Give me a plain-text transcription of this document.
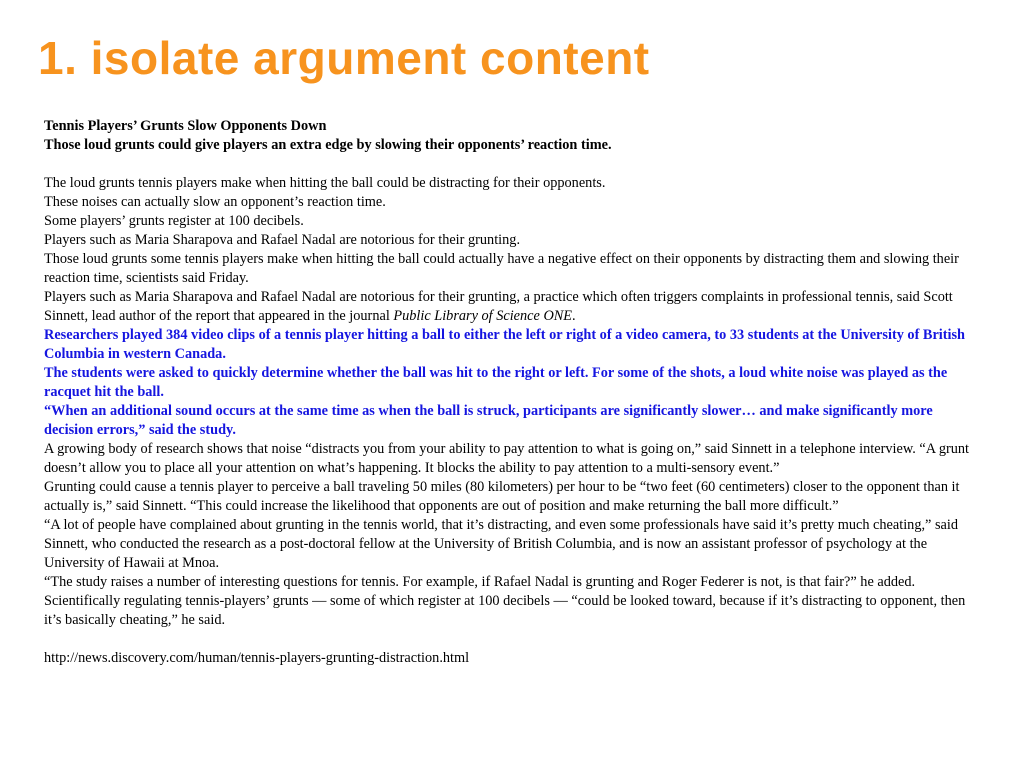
1. isolate argument content

Tennis Players’ Grunts Slow Opponents Down

Those loud grunts could give players an extra edge by slowing their opponents’ reaction time.

The loud grunts tennis players make when hitting the ball could be distracting for their opponents.

These noises can actually slow an opponent’s reaction time.

Some players’ grunts register at 100 decibels.

Players such as Maria Sharapova and Rafael Nadal are notorious for their grunting.

Those loud grunts some tennis players make when hitting the ball could actually have a negative effect on their opponents by distracting them and slowing their reaction time, scientists said Friday.

Players such as Maria Sharapova and Rafael Nadal are notorious for their grunting, a practice which often triggers complaints in professional tennis, said Scott Sinnett, lead author of the report that appeared in the journal Public Library of Science ONE.

Researchers played 384 video clips of a tennis player hitting a ball to either the left or right of a video camera, to 33 students at the University of British Columbia in western Canada.

The students were asked to quickly determine whether the ball was hit to the right or left. For some of the shots, a loud white noise was played as the racquet hit the ball.

“When an additional sound occurs at the same time as when the ball is struck, participants are significantly slower… and make significantly more decision errors,” said the study.

A growing body of research shows that noise “distracts you from your ability to pay attention to what is going on,” said Sinnett in a telephone interview. “A grunt doesn’t allow you to place all your attention on what’s happening. It blocks the ability to pay attention to a multi-sensory event.”

Grunting could cause a tennis player to perceive a ball traveling 50 miles (80 kilometers) per hour to be “two feet (60 centimeters) closer to the opponent than it actually is,” said Sinnett. “This could increase the likelihood that opponents are out of position and make returning the ball more difficult.”

“A lot of people have complained about grunting in the tennis world, that it’s distracting, and even some professionals have said it’s pretty much cheating,” said Sinnett, who conducted the research as a post-doctoral fellow at the University of British Columbia, and is now an assistant professor of psychology at the University of Hawaii at Mnoa.

“The study raises a number of interesting questions for tennis. For example, if Rafael Nadal is grunting and Roger Federer is not, is that fair?” he added.

Scientifically regulating tennis-players’ grunts — some of which register at 100 decibels — “could be looked toward, because if it’s distracting to opponent, then it’s basically cheating,” he said.

http://news.discovery.com/human/tennis-players-grunting-distraction.html
